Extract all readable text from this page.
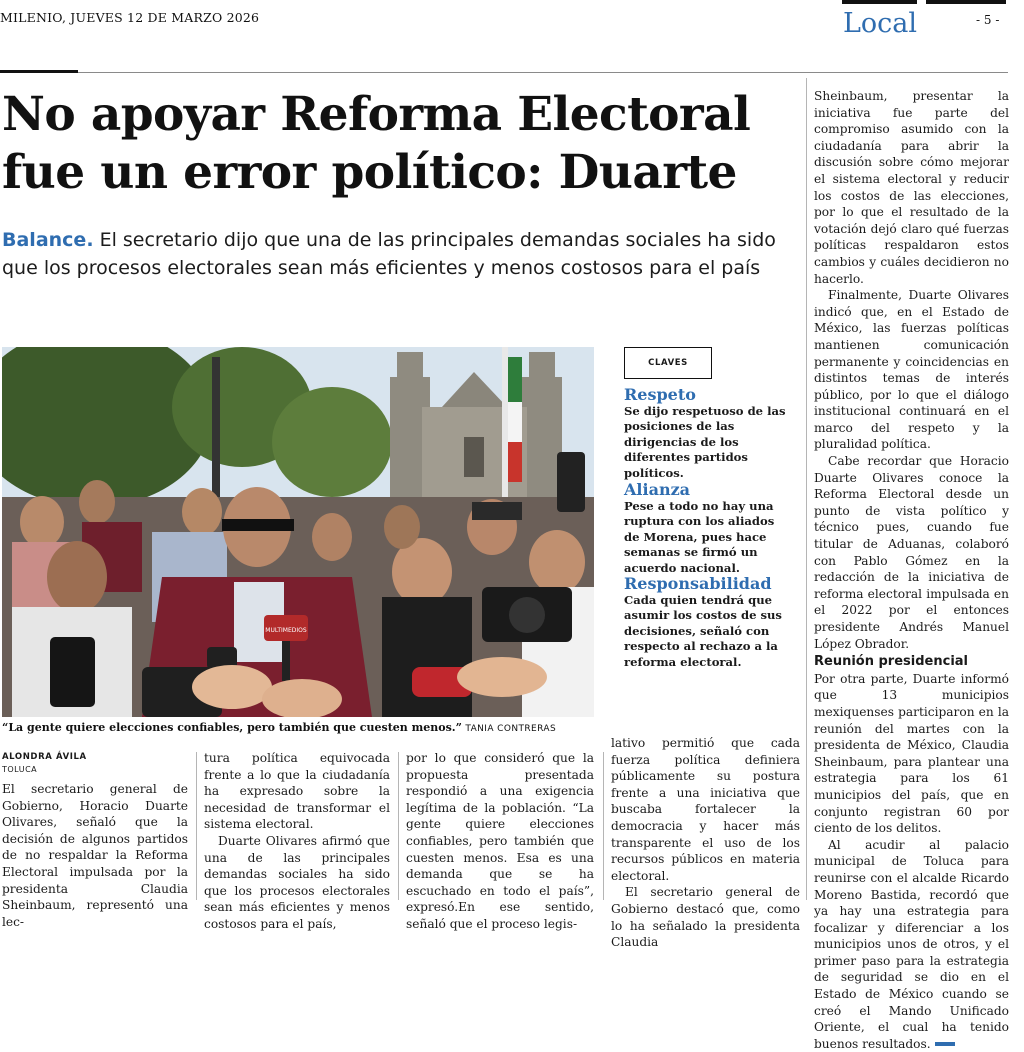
MILENIO, JUEVES 12 DE MARZO 2026	Local	- 5 -
No apoyar Reforma Electoral
fue un error político: Duarte
Balance. El secretario dijo que una de las principales demandas sociales ha sido que los procesos electorales sean más eficientes y menos costosos para el país
MULTIMEDIOS
“La gente quiere elecciones confiables, pero también que cuesten menos.” TANIA CONTRERAS
ALONDRA ÁVILA
TOLUCA

El secretario general de Gobierno, Horacio Duarte Olivares, señaló que la decisión de algunos partidos de no respaldar la Reforma Electoral impulsada por la presidenta Claudia Sheinbaum, representó una lec-

tura política equivocada frente a lo que la ciudadanía ha expresado sobre la necesidad de transformar el sistema electoral.

Duarte Olivares afirmó que una de las principales demandas sociales ha sido que los procesos electorales sean más eficientes y menos costosos para el país,

por lo que consideró que la propuesta presentada respondió a una exigencia legítima de la población. “La gente quiere elecciones confiables, pero también que cuesten menos. Esa es una demanda que se ha escuchado en todo el país”, expresó.En ese sentido, señaló que el proceso legis-

lativo permitió que cada fuerza política definiera públicamente su postura frente a una iniciativa que buscaba fortalecer la democracia y hacer más transparente el uso de los recursos públicos en materia electoral.

El secretario general de Gobierno destacó que, como lo ha señalado la presidenta Claudia

CLAVES
Respeto
Se dijo respetuoso de las posiciones de las dirigencias de los diferentes partidos políticos.
Alianza
Pese a todo no hay una ruptura con los aliados de Morena, pues hace semanas se firmó un acuerdo nacional.
Responsabilidad
Cada quien tendrá que asumir los costos de sus decisiones, señaló con respecto al rechazo a la reforma electoral.

Sheinbaum, presentar la iniciativa fue parte del compromiso asumido con la ciudadanía para abrir la discusión sobre cómo mejorar el sistema electoral y reducir los costos de las elecciones, por lo que el resultado de la votación dejó claro qué fuerzas políticas respaldaron estos cambios y cuáles decidieron no hacerlo.

Finalmente, Duarte Olivares indicó que, en el Estado de México, las fuerzas políticas mantienen comunicación permanente y coincidencias en distintos temas de interés público, por lo que el diálogo institucional continuará en el marco del respeto y la pluralidad política.

Cabe recordar que Horacio Duarte Olivares conoce la Reforma Electoral desde un punto de vista político y técnico pues, cuando fue titular de Aduanas, colaboró con Pablo Gómez en la redacción de la iniciativa de reforma electoral impulsada en el 2022 por el entonces presidente Andrés Manuel López Obrador.

Reunión presidencial

Por otra parte, Duarte informó que 13 municipios mexiquenses participaron en la reunión del martes con la presidenta de México, Claudia Sheinbaum, para plantear una estrategia para los 61 municipios del país, que en conjunto registran 60 por ciento de los delitos.

Al acudir al palacio municipal de Toluca para reunirse con el alcalde Ricardo Moreno Bastida, recordó que ya hay una estrategia para focalizar y diferenciar a los municipios unos de otros, y el primer paso para la estrategia de seguridad se dio en el Estado de México cuando se creó el Mando Unificado Oriente, el cual ha tenido buenos resultados.
